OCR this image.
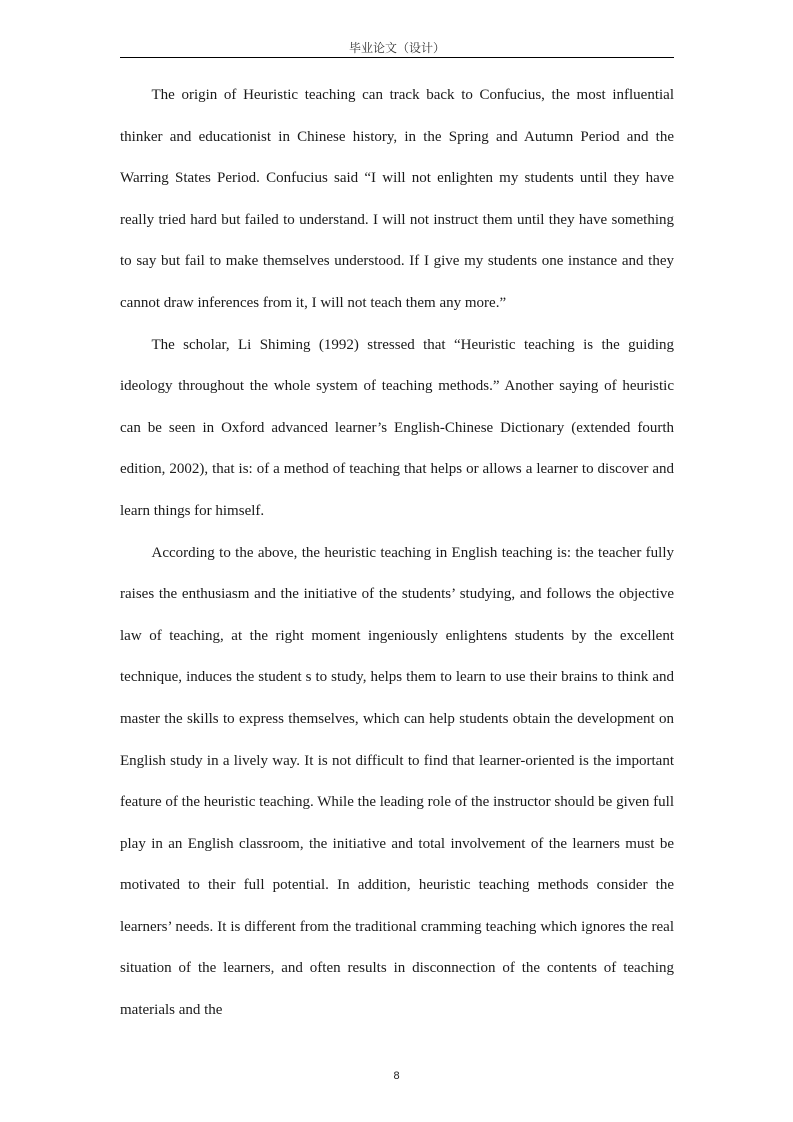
毕业论文（设计）

The origin of Heuristic teaching can track back to Confucius, the most influential thinker and educationist in Chinese history, in the Spring and Autumn Period and the Warring States Period. Confucius said “I will not enlighten my students until they have really tried hard but failed to understand. I will not instruct them until they have something to say but fail to make themselves understood. If I give my students one instance and they cannot draw inferences from it, I will not teach them any more.”

The scholar, Li Shiming (1992) stressed that “Heuristic teaching is the guiding ideology throughout the whole system of teaching methods.” Another saying of heuristic can be seen in Oxford advanced learner’s English-Chinese Dictionary (extended fourth edition, 2002), that is: of a method of teaching that helps or allows a learner to discover and learn things for himself.

According to the above, the heuristic teaching in English teaching is: the teacher fully raises the enthusiasm and the initiative of the students’ studying, and follows the objective law of teaching, at the right moment ingeniously enlightens students by the excellent technique, induces the student s to study, helps them to learn to use their brains to think and master the skills to express themselves, which can help students obtain the development on English study in a lively way. It is not difficult to find that learner-oriented is the important feature of the heuristic teaching. While the leading role of the instructor should be given full play in an English classroom, the initiative and total involvement of the learners must be motivated to their full potential. In addition, heuristic teaching methods consider the learners’ needs. It is different from the traditional cramming teaching which ignores the real situation of the learners, and often results in disconnection of the contents of teaching materials and the

8
